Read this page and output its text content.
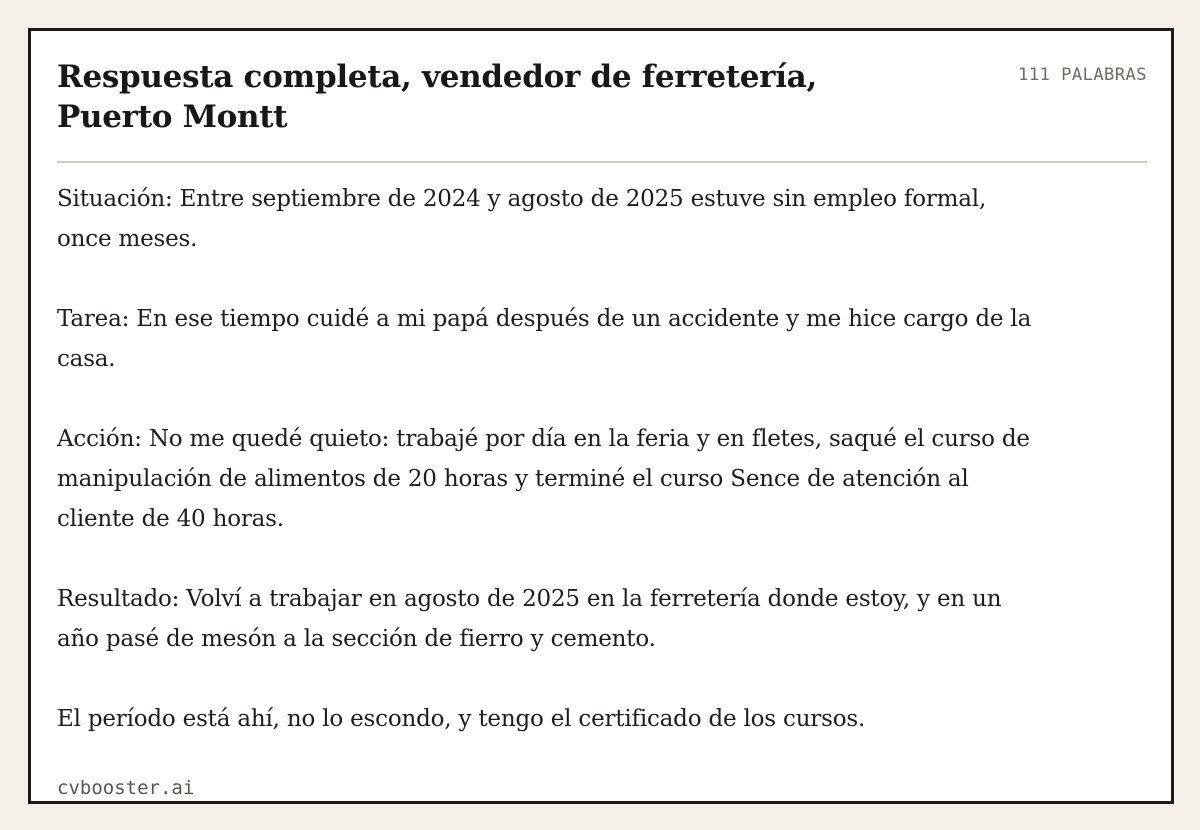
Respuesta completa, vendedor de ferretería, Puerto Montt
111 PALABRAS

Situación: Entre septiembre de 2024 y agosto de 2025 estuve sin empleo formal, once meses.

Tarea: En ese tiempo cuidé a mi papá después de un accidente y me hice cargo de la casa.

Acción: No me quedé quieto: trabajé por día en la feria y en fletes, saqué el curso de manipulación de alimentos de 20 horas y terminé el curso Sence de atención al cliente de 40 horas.

Resultado: Volví a trabajar en agosto de 2025 en la ferretería donde estoy, y en un año pasé de mesón a la sección de fierro y cemento.

El período está ahí, no lo escondo, y tengo el certificado de los cursos.

cvbooster.ai
